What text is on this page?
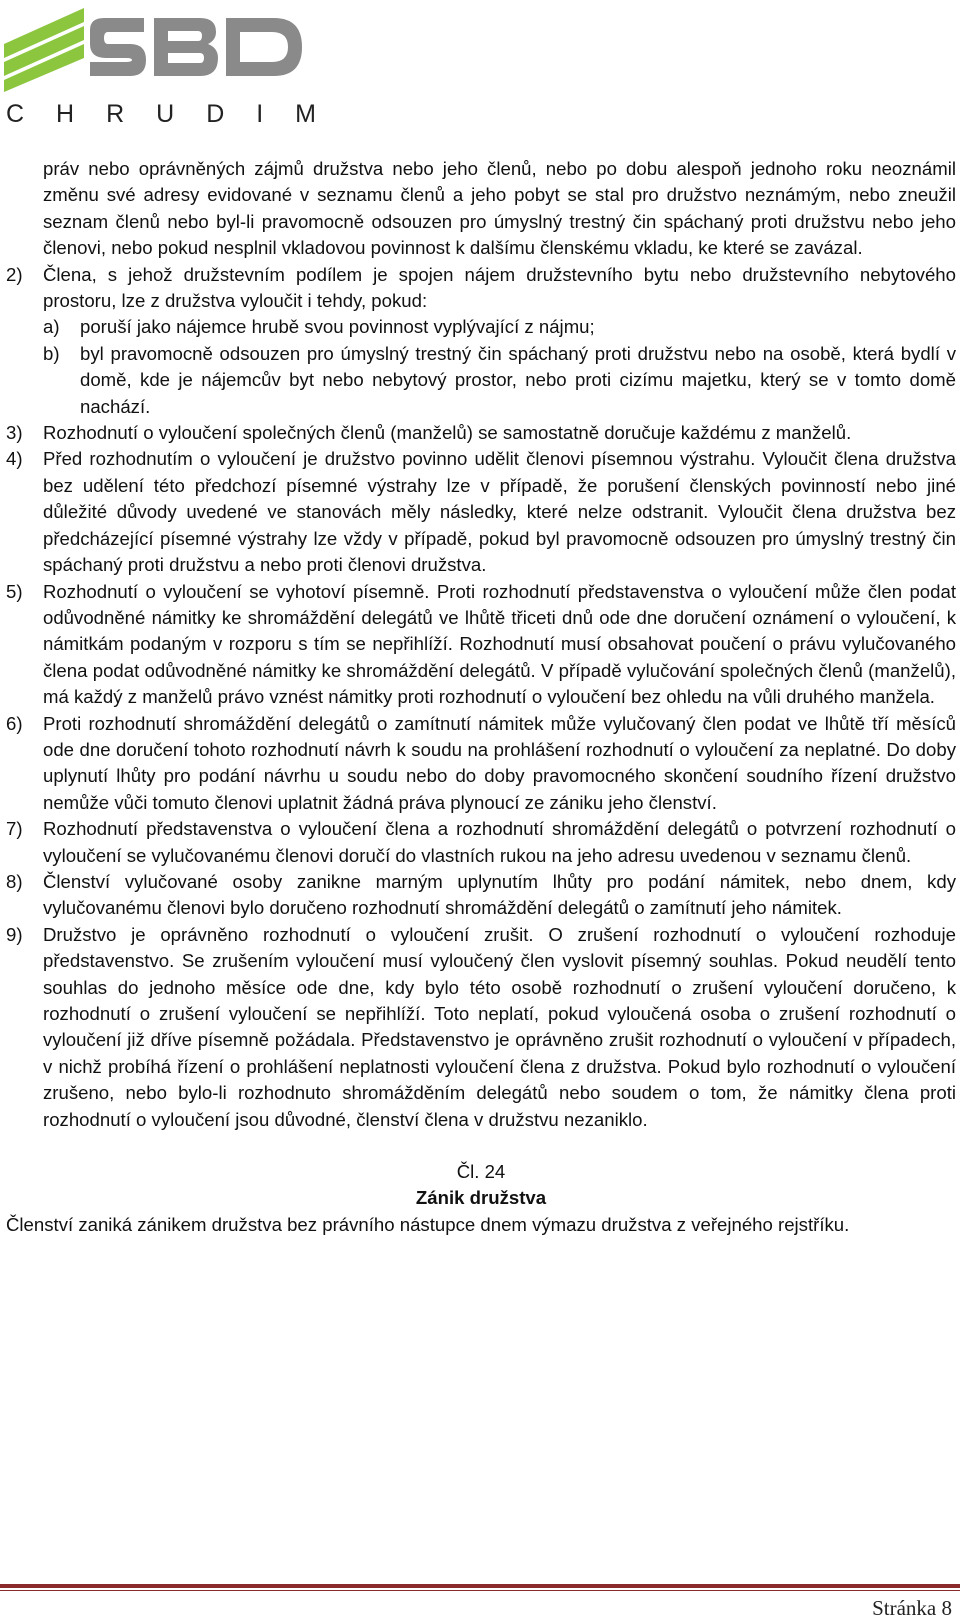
C H R U D I M

práv nebo oprávněných zájmů družstva nebo jeho členů, nebo po dobu alespoň jednoho roku neoznámil změnu své adresy evidované v seznamu členů a jeho pobyt se stal pro družstvo neznámým, nebo zneužil seznam členů nebo byl-li pravomocně odsouzen pro úmyslný trestný čin spáchaný proti družstvu nebo jeho členovi, nebo pokud nesplnil vkladovou povinnost k dalšímu členskému vkladu, ke které se zavázal.

2)	Člena, s jehož družstevním podílem je spojen nájem družstevního bytu nebo družstevního nebytového prostoru, lze z družstva vyloučit i tehdy, pokud:
a)	poruší jako nájemce hrubě svou povinnost vyplývající z nájmu;
b)	byl pravomocně odsouzen pro úmyslný trestný čin spáchaný proti družstvu nebo na osobě, která bydlí v domě, kde je nájemcův byt nebo nebytový prostor, nebo proti cizímu majetku, který se v tomto domě nachází.
3)	Rozhodnutí o vyloučení společných členů (manželů) se samostatně doručuje každému z manželů.
4)	Před rozhodnutím o vyloučení je družstvo povinno udělit členovi písemnou výstrahu. Vyloučit člena družstva bez udělení této předchozí písemné výstrahy lze v případě, že porušení členských povinností nebo jiné důležité důvody uvedené ve stanovách měly následky, které nelze odstranit. Vyloučit člena družstva bez předcházející písemné výstrahy lze vždy v případě, pokud byl pravomocně odsouzen pro úmyslný trestný čin spáchaný proti družstvu a nebo proti členovi družstva.
5)	Rozhodnutí o vyloučení se vyhotoví písemně. Proti rozhodnutí představenstva o vyloučení může člen podat odůvodněné námitky ke shromáždění delegátů ve lhůtě třiceti dnů ode dne doručení oznámení o vyloučení, k námitkám podaným v rozporu s tím se nepřihlíží. Rozhodnutí musí obsahovat poučení o právu vylučovaného člena podat odůvodněné námitky ke shromáždění delegátů. V případě vylučování společných členů (manželů), má každý z manželů právo vznést námitky proti rozhodnutí o vyloučení bez ohledu na vůli druhého manžela.
6)	Proti rozhodnutí shromáždění delegátů o zamítnutí námitek může vylučovaný člen podat ve lhůtě tří měsíců ode dne doručení tohoto rozhodnutí návrh k soudu na prohlášení rozhodnutí o vyloučení za neplatné. Do doby uplynutí lhůty pro podání návrhu u soudu nebo do doby pravomocného skončení soudního řízení družstvo nemůže vůči tomuto členovi uplatnit žádná práva plynoucí ze zániku jeho členství.
7)	Rozhodnutí představenstva o vyloučení člena a rozhodnutí shromáždění delegátů o potvrzení rozhodnutí o vyloučení se vylučovanému členovi doručí do vlastních rukou na jeho adresu uvedenou v seznamu členů.
8)	Členství vylučované osoby zanikne marným uplynutím lhůty pro podání námitek, nebo dnem, kdy vylučovanému členovi bylo doručeno rozhodnutí shromáždění delegátů o zamítnutí jeho námitek.
9)	Družstvo je oprávněno rozhodnutí o vyloučení zrušit. O zrušení rozhodnutí o vyloučení rozhoduje představenstvo. Se zrušením vyloučení musí vyloučený člen vyslovit písemný souhlas. Pokud neudělí tento souhlas do jednoho měsíce ode dne, kdy bylo této osobě rozhodnutí o zrušení vyloučení doručeno, k rozhodnutí o zrušení vyloučení se nepřihlíží. Toto neplatí, pokud vyloučená osoba o zrušení rozhodnutí o vyloučení již dříve písemně požádala. Představenstvo je oprávněno zrušit rozhodnutí o vyloučení v případech, v nichž probíhá řízení o prohlášení neplatnosti vyloučení člena z družstva. Pokud bylo rozhodnutí o vyloučení zrušeno, nebo bylo-li rozhodnuto shromážděním delegátů nebo soudem o tom, že námitky člena proti rozhodnutí o vyloučení jsou důvodné, členství člena v družstvu nezaniklo.
Čl. 24
Zánik družstva

Členství zaniká zánikem družstva bez právního nástupce dnem výmazu družstva z veřejného rejstříku.

Stránka 8
